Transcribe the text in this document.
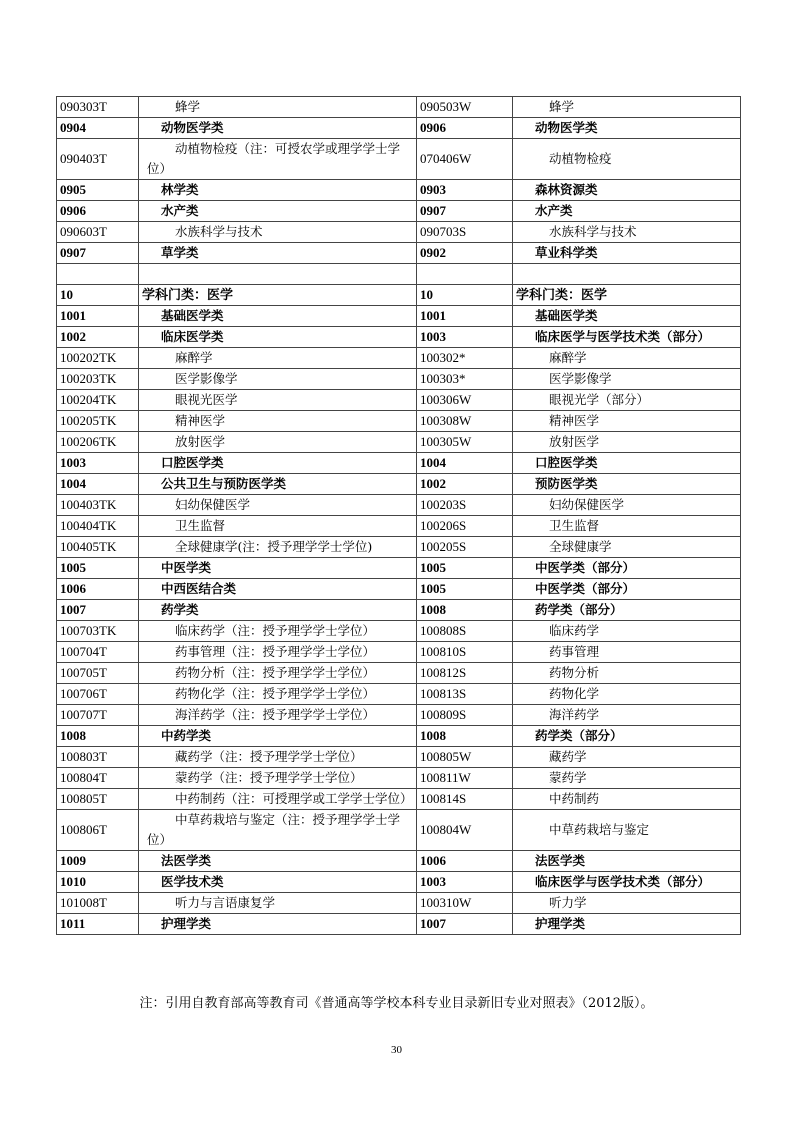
090303T	蜂学	090503W	蜂学
0904	动物医学类	0906	动物医学类
090403T	动植物检疫（注：可授农学或理学学士学位）	070406W	动植物检疫
0905	林学类	0903	森林资源类
0906	水产类	0907	水产类
090603T	水族科学与技术	090703S	水族科学与技术
0907	草学类	0902	草业科学类

10	学科门类：医学	10	学科门类：医学
1001	基础医学类	1001	基础医学类
1002	临床医学类	1003	临床医学与医学技术类（部分）
100202TK	麻醉学	100302*	麻醉学
100203TK	医学影像学	100303*	医学影像学
100204TK	眼视光医学	100306W	眼视光学（部分）
100205TK	精神医学	100308W	精神医学
100206TK	放射医学	100305W	放射医学
1003	口腔医学类	1004	口腔医学类
1004	公共卫生与预防医学类	1002	预防医学类
100403TK	妇幼保健医学	100203S	妇幼保健医学
100404TK	卫生监督	100206S	卫生监督
100405TK	全球健康学(注：授予理学学士学位)	100205S	全球健康学
1005	中医学类	1005	中医学类（部分）
1006	中西医结合类	1005	中医学类（部分）
1007	药学类	1008	药学类（部分）
100703TK	临床药学（注：授予理学学士学位）	100808S	临床药学
100704T	药事管理（注：授予理学学士学位）	100810S	药事管理
100705T	药物分析（注：授予理学学士学位）	100812S	药物分析
100706T	药物化学（注：授予理学学士学位）	100813S	药物化学
100707T	海洋药学（注：授予理学学士学位）	100809S	海洋药学
1008	中药学类	1008	药学类（部分）
100803T	藏药学（注：授予理学学士学位）	100805W	藏药学
100804T	蒙药学（注：授予理学学士学位）	100811W	蒙药学
100805T	中药制药（注：可授理学或工学学士学位）	100814S	中药制药
100806T	中草药栽培与鉴定（注：授予理学学士学位）	100804W	中草药栽培与鉴定
1009	法医学类	1006	法医学类
1010	医学技术类	1003	临床医学与医学技术类（部分）
101008T	听力与言语康复学	100310W	听力学
1011	护理学类	1007	护理学类
注：引用自教育部高等教育司《普通高等学校本科专业目录新旧专业对照表》（2012版）。
30
